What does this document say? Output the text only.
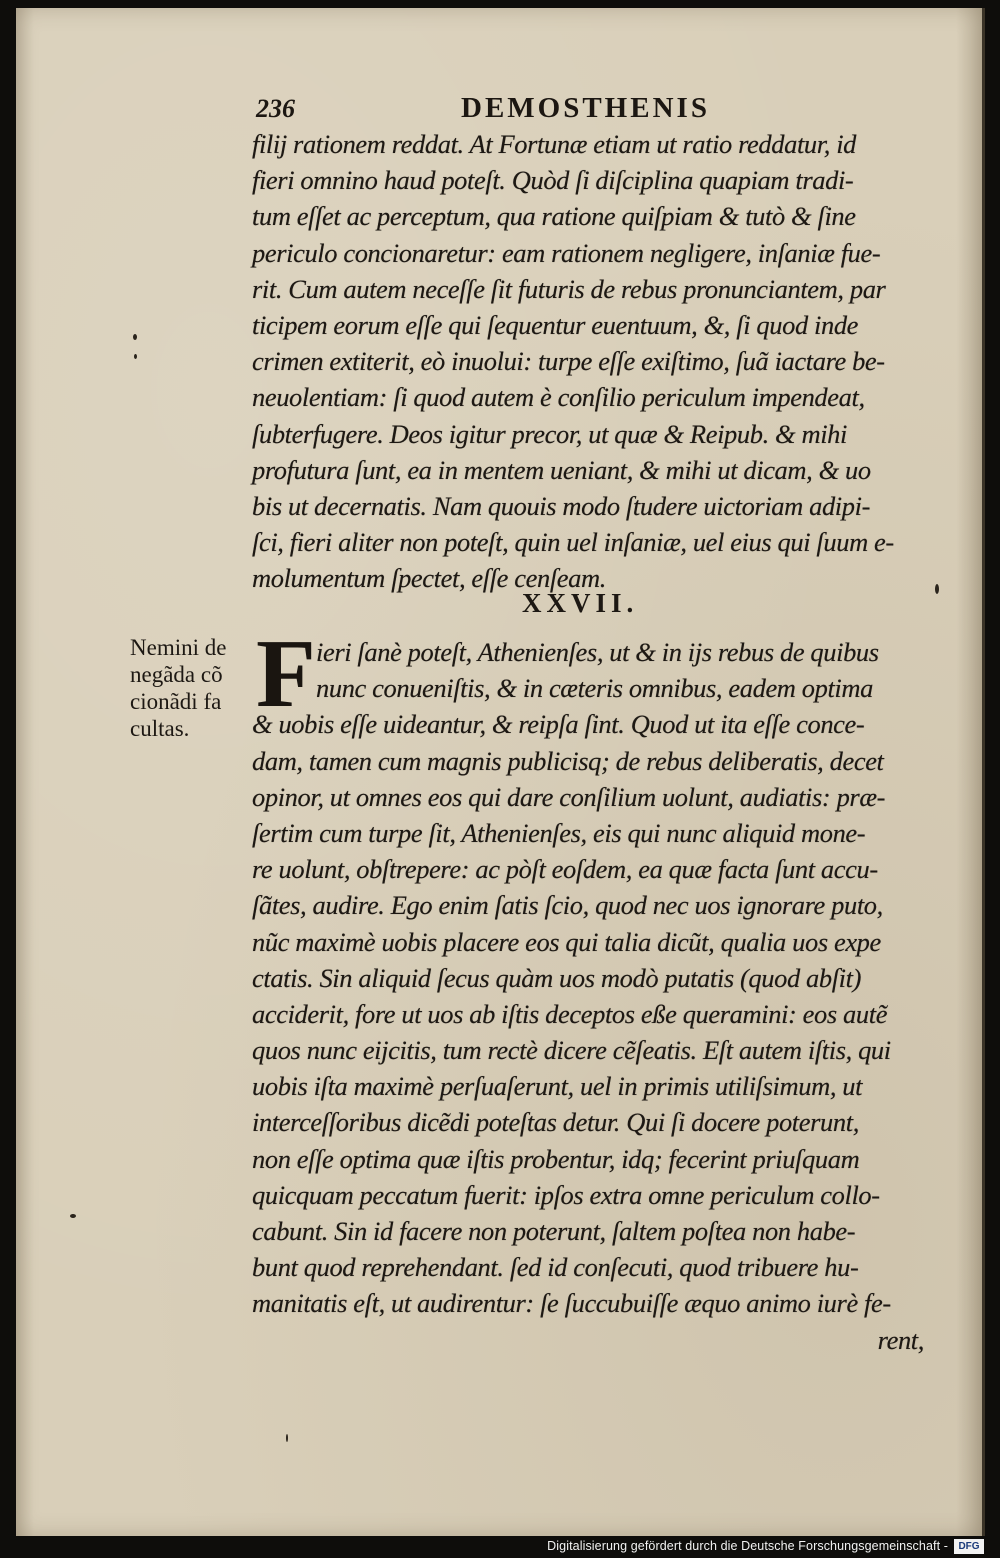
236	DEMOSTHENIS
filij rationem reddat. At Fortunæ etiam ut ratio reddatur, id
fieri omnino haud poteſt. Quòd ſi diſciplina quapiam tradi-
tum eſſet ac perceptum, qua ratione quiſpiam & tutò & ſine
periculo concionaretur: eam rationem negligere, inſaniæ fue-
rit. Cum autem neceſſe ſit futuris de rebus pronunciantem, par
ticipem eorum eſſe qui ſequentur euentuum, &, ſi quod inde
crimen extiterit, eò inuolui: turpe eſſe exiſtimo, ſuã iactare be-
neuolentiam: ſi quod autem è conſilio periculum impendeat,
ſubterfugere. Deos igitur precor, ut quæ & Reipub. & mihi
profutura ſunt, ea in mentem ueniant, & mihi ut dicam, & uo
bis ut decernatis. Nam quouis modo ſtudere uictoriam adipi-
ſci, fieri aliter non poteſt, quin uel inſaniæ, uel eius qui ſuum e-
molumentum ſpectet, eſſe cenſeam.
XXVII.
Nemini de
negãda cõ
cionãdi fa
cultas.
F ieri ſanè poteſt, Athenienſes, ut & in ijs rebus de quibus
nunc conueniſtis, & in cæteris omnibus, eadem optima
& uobis eſſe uideantur, & reipſa ſint. Quod ut ita eſſe conce-
dam, tamen cum magnis publicisq; de rebus deliberatis, decet
opinor, ut omnes eos qui dare conſilium uolunt, audiatis: præ-
ſertim cum turpe ſit, Athenienſes, eis qui nunc aliquid mone-
re uolunt, obſtrepere: ac pòſt eoſdem, ea quæ facta ſunt accu-
ſãtes, audire. Ego enim ſatis ſcio, quod nec uos ignorare puto,
nũc maximè uobis placere eos qui talia dicũt, qualia uos expe
ctatis. Sin aliquid ſecus quàm uos modò putatis (quod abſit)
acciderit, fore ut uos ab iſtis deceptos eße queramini: eos autẽ
quos nunc eijcitis, tum rectè dicere cẽſeatis. Eſt autem iſtis, qui
uobis iſta maximè perſuaſerunt, uel in primis utiliſsimum, ut
interceſſoribus dicẽdi poteſtas detur. Qui ſi docere poterunt,
non eſſe optima quæ iſtis probentur, idq; fecerint priuſquam
quicquam peccatum fuerit: ipſos extra omne periculum collo-
cabunt. Sin id facere non poterunt, ſaltem poſtea non habe-
bunt quod reprehendant. ſed id conſecuti, quod tribuere hu-
manitatis eſt, ut audirentur: ſe ſuccubuiſſe æquo animo iurè fe-
rent,
Digitalisierung gefördert durch die Deutsche Forschungsgemeinschaft -	DFG
